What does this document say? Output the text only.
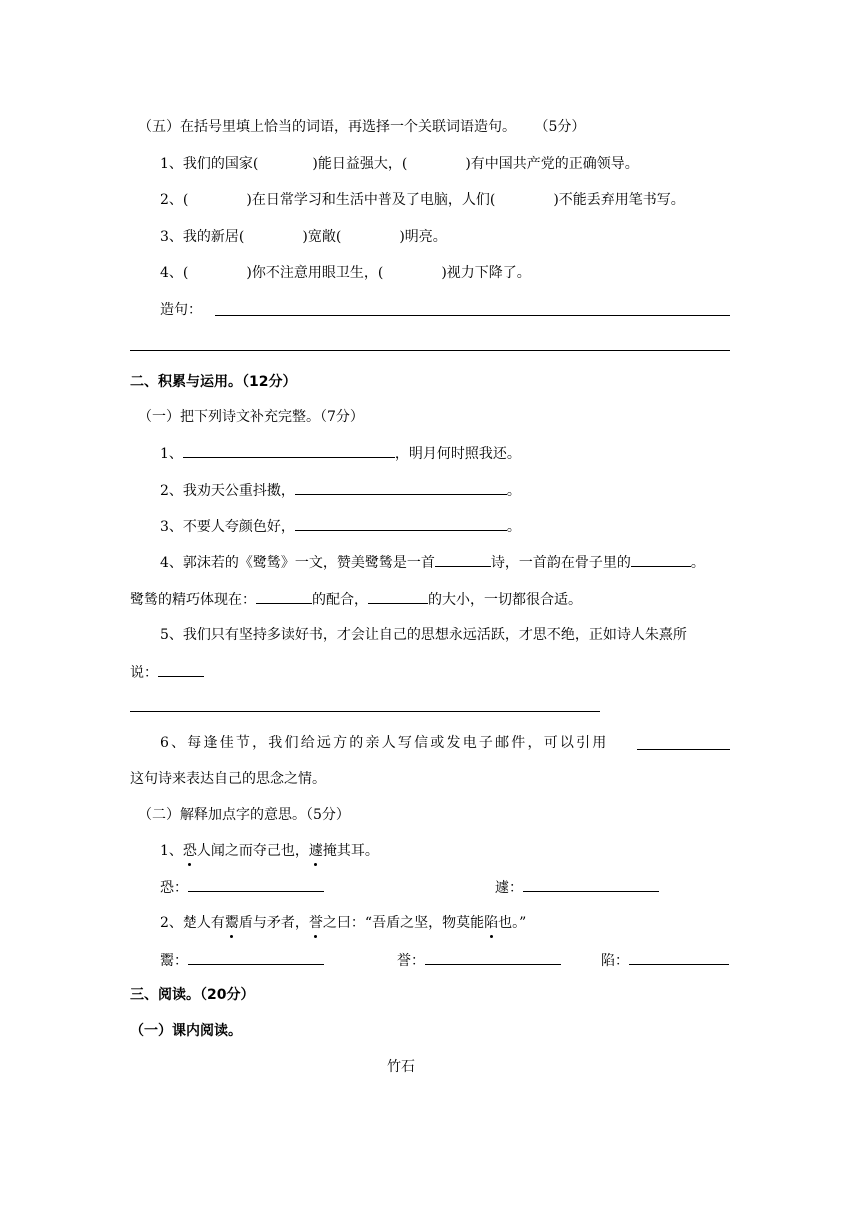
（五）在括号里填上恰当的词语，再选择一个关联词语造句。 （5分）
1、我们的国家(	)能日益强大，(	)有中国共产党的正确领导。
2、(	)在日常学习和生活中普及了电脑，人们(	)不能丢弃用笔书写。
3、我的新居(	)宽敞(	)明亮。
4、(	)你不注意用眼卫生，(	)视力下降了。
造句：
二、积累与运用。（12分）
（一）把下列诗文补充完整。（7分）
1、	，明月何时照我还。
2、我劝天公重抖擞，	。
3、不要人夸颜色好，	。
4、郭沫若的《鹭鸶》一文，赞美鹭鸶是一首	诗，一首韵在骨子里的	。
鹭鸶的精巧体现在：	的配合，	的大小，一切都很合适。
5、我们只有坚持多读好书，才会让自己的思想永远活跃，才思不绝，正如诗人朱熹所
说：
6、每逢佳节，我们给远方的亲人写信或发电子邮件，可以引用
这句诗来表达自己的思念之情。
（二）解释加点字的意思。（5分）
1、恐人闻之而夺己也，遽掩其耳。
恐：	遽：
2、楚人有鬻盾与矛者，誉之曰：“吾盾之坚，物莫能陷也。”
鬻：	誉：	陷：
三、阅读。（20分）
（一）课内阅读。
竹石
